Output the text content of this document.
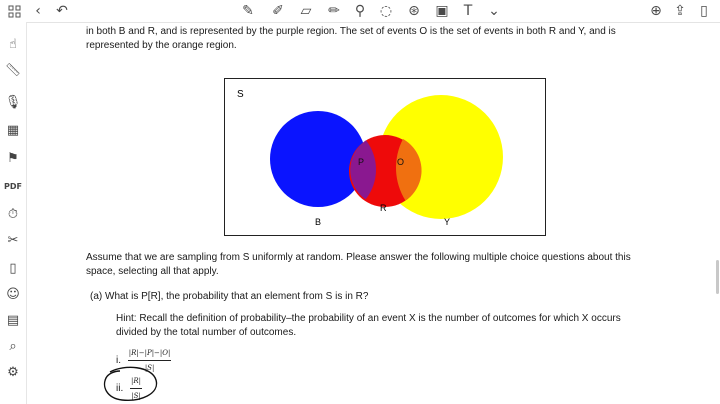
‹	↶	✎ ✐	▱	✏	⚲	◌ ⊛ ▣	T	⌄	⊕ ⇪	▯
☝
📏︎
🎙︎
▦
⚑
PDF
⏱
✂
▯
☺
▤
⌕
⚙
in both B and R, and is represented by the purple region. The set of events O is the set of events in both R and Y, and is
represented by the orange region.
S
P	O
R
B	Y
Assume that we are sampling from S uniformly at random. Please answer the following multiple choice questions about this
space, selecting all that apply.
(a) What is P[R], the probability that an element from S is in R?
Hint: Recall the definition of probability–the probability of an event X is the number of outcomes for which X occurs
divided by the total number of outcomes.
i. $\frac{|R|-|P|-|O|}{|S|}$
ii. $\frac{|R|}{|S|}$
